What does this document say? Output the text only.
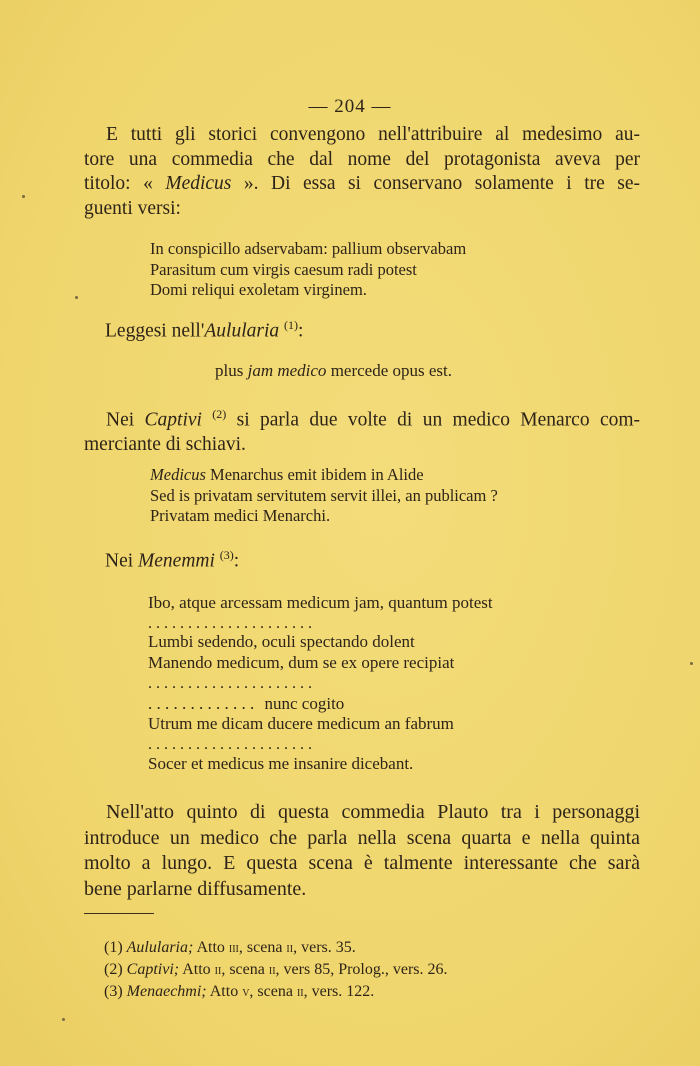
— 204 —
E tutti gli storici convengono nell'attribuire al medesimo au-
tore una commedia che dal nome del protagonista aveva per
titolo: « Medicus ». Di essa si conservano solamente i tre se-
guenti versi:
In conspicillo adservabam: pallium observabam
Parasitum cum virgis caesum radi potest
Domi reliqui exoletam virginem.
Leggesi nell'Aulularia $^{(1)}$:
plus jam medico mercede opus est.
Nei Captivi $^{(2)}$ si parla due volte di un medico Menarco com-
merciante di schiavi.
Medicus Menarchus emit ibidem in Alide
Sed is privatam servitutem servit illei, an publicam ?
Privatam medici Menarchi.
Nei Menemmi $^{(3)}$:
Ibo, atque arcessam medicum jam, quantum potest
. . . . . . . . . . . . . . . . . . . . .
Lumbi sedendo, oculi spectando dolent
Manendo medicum, dum se ex opere recipiat
. . . . . . . . . . . . . . . . . . . . .
. . . . . . . . . . . . . nunc cogito
Utrum me dicam ducere medicum an fabrum
. . . . . . . . . . . . . . . . . . . . .
Socer et medicus me insanire dicebant.
Nell'atto quinto di questa commedia Plauto tra i personaggi
introduce un medico che parla nella scena quarta e nella quinta
molto a lungo. E questa scena è talmente interessante che sarà
bene parlarne diffusamente.
(1) Aulularia; Atto iii, scena ii, vers. 35.
(2) Captivi; Atto ii, scena ii, vers 85, Prolog., vers. 26.
(3) Menaechmi; Atto v, scena ii, vers. 122.
